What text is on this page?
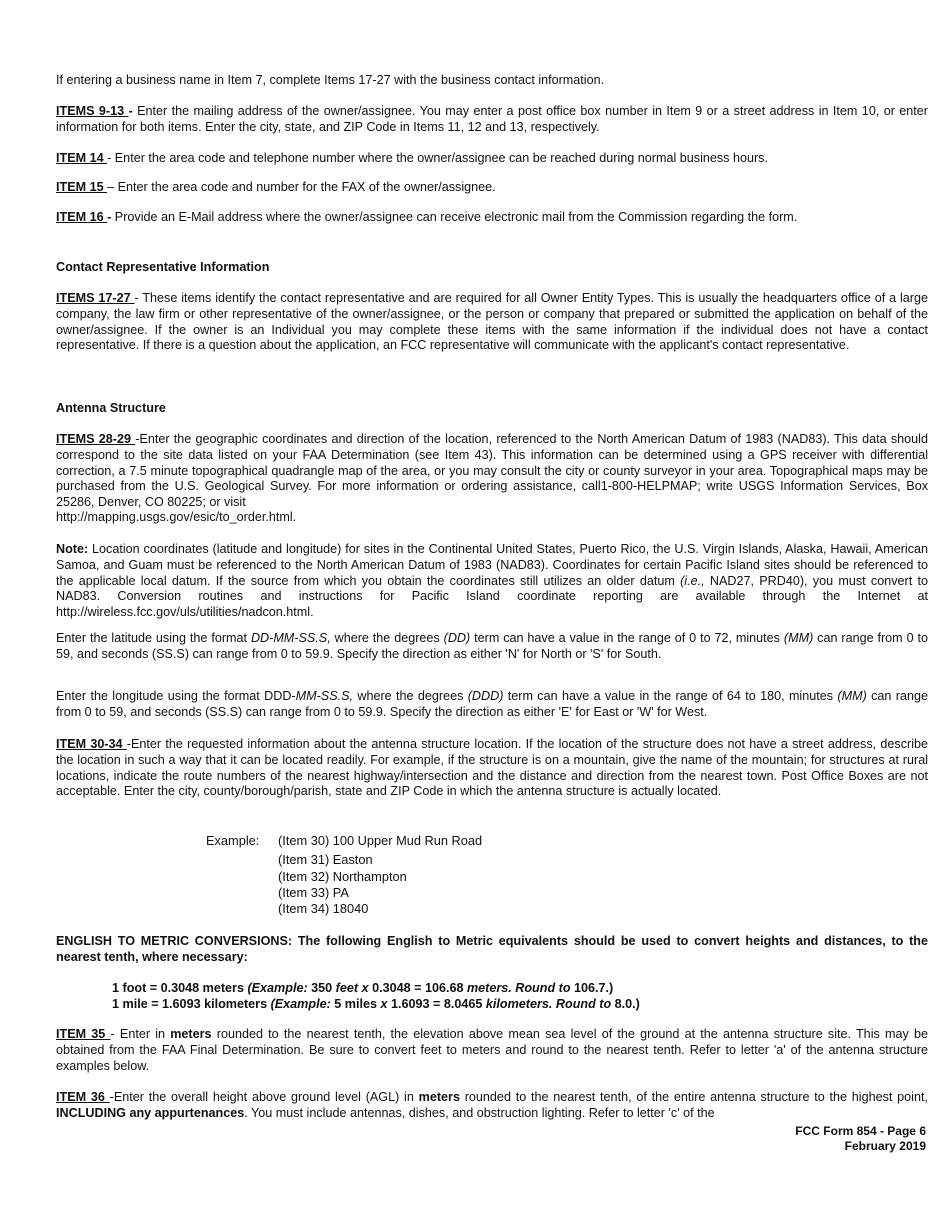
If entering a business name in Item 7, complete Items 17-27 with the business contact information.

ITEMS 9-13 - Enter the mailing address of the owner/assignee. You may enter a post office box number in Item 9 or a street address in Item 10, or enter information for both items. Enter the city, state, and ZIP Code in Items 11, 12 and 13, respectively.

ITEM 14 - Enter the area code and telephone number where the owner/assignee can be reached during normal business hours.

ITEM 15 – Enter the area code and number for the FAX of the owner/assignee.

ITEM 16 - Provide an E-Mail address where the owner/assignee can receive electronic mail from the Commission regarding the form.

Contact Representative Information

ITEMS 17-27 - These items identify the contact representative and are required for all Owner Entity Types. This is usually the headquarters office of a large company, the law firm or other representative of the owner/assignee, or the person or company that prepared or submitted the application on behalf of the owner/assignee. If the owner is an Individual you may complete these items with the same information if the individual does not have a contact representative. If there is a question about the application, an FCC representative will communicate with the applicant's contact representative.

Antenna Structure

ITEMS 28-29 -Enter the geographic coordinates and direction of the location, referenced to the North American Datum of 1983 (NAD83). This data should correspond to the site data listed on your FAA Determination (see Item 43). This information can be determined using a GPS receiver with differential correction, a 7.5 minute topographical quadrangle map of the area, or you may consult the city or county surveyor in your area. Topographical maps may be purchased from the U.S. Geological Survey. For more information or ordering assistance, call1-800-HELPMAP; write USGS Information Services, Box 25286, Denver, CO 80225; or visit

http://mapping.usgs.gov/esic/to_order.html.

Note: Location coordinates (latitude and longitude) for sites in the Continental United States, Puerto Rico, the U.S. Virgin Islands, Alaska, Hawaii, American Samoa, and Guam must be referenced to the North American Datum of 1983 (NAD83). Coordinates for certain Pacific Island sites should be referenced to the applicable local datum. If the source from which you obtain the coordinates still utilizes an older datum (i.e., NAD27, PRD40), you must convert to NAD83. Conversion routines and instructions for Pacific Island coordinate reporting are available through the Internet at http://wireless.fcc.gov/uls/utilities/nadcon.html.

Enter the latitude using the format DD-MM-SS.S, where the degrees (DD) term can have a value in the range of 0 to 72, minutes (MM) can range from 0 to 59, and seconds (SS.S) can range from 0 to 59.9. Specify the direction as either 'N' for North or 'S' for South.

Enter the longitude using the format DDD-MM-SS.S, where the degrees (DDD) term can have a value in the range of 64 to 180, minutes (MM) can range from 0 to 59, and seconds (SS.S) can range from 0 to 59.9. Specify the direction as either 'E' for East or 'W' for West.

ITEM 30-34 -Enter the requested information about the antenna structure location. If the location of the structure does not have a street address, describe the location in such a way that it can be located readily. For example, if the structure is on a mountain, give the name of the mountain; for structures at rural locations, indicate the route numbers of the nearest highway/intersection and the distance and direction from the nearest town. Post Office Boxes are not acceptable. Enter the city, county/borough/parish, state and ZIP Code in which the antenna structure is actually located.

Example:	(Item 30) 100 Upper Mud Run Road
(Item 31) Easton
(Item 32) Northampton
(Item 33) PA
(Item 34) 18040

ENGLISH TO METRIC CONVERSIONS: The following English to Metric equivalents should be used to convert heights and distances, to the nearest tenth, where necessary:

1 foot = 0.3048 meters (Example: 350 feet x 0.3048 = 106.68 meters. Round to 106.7.)
1 mile = 1.6093 kilometers (Example: 5 miles x 1.6093 = 8.0465 kilometers. Round to 8.0.)

ITEM 35 - Enter in meters rounded to the nearest tenth, the elevation above mean sea level of the ground at the antenna structure site. This may be obtained from the FAA Final Determination. Be sure to convert feet to meters and round to the nearest tenth. Refer to letter 'a' of the antenna structure examples below.

ITEM 36 -Enter the overall height above ground level (AGL) in meters rounded to the nearest tenth, of the entire antenna structure to the highest point, INCLUDING any appurtenances. You must include antennas, dishes, and obstruction lighting. Refer to letter 'c' of the

FCC Form 854 - Page 6
February 2019
